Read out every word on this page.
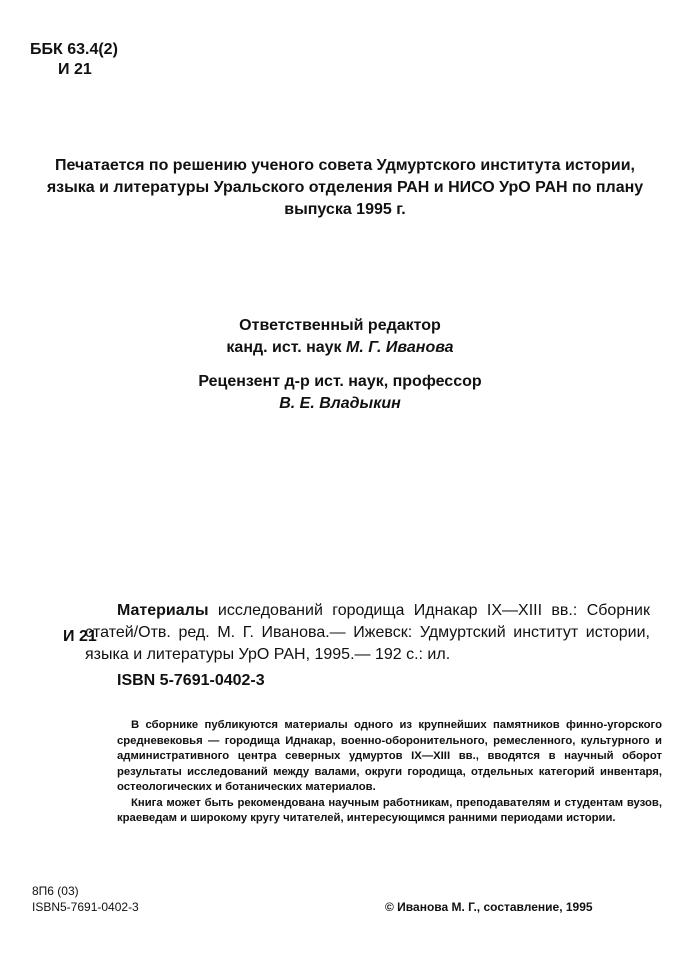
ББК 63.4(2)
И 21
Печатается по решению ученого совета Удмуртского института истории, языка и литературы Уральского отделения РАН и НИСО УрО РАН по плану выпуска 1995 г.
Ответственный редактор
канд. ист. наук М. Г. Иванова
Рецензент д-р ист. наук, профессор
В. Е. Владыкин
И 21

Материалы исследований городища Иднакар IX—XIII вв.: Сборник статей/Отв. ред. М. Г. Иванова.— Ижевск: Удмуртский институт истории, языка и литературы УрО РАН, 1995.— 192 с.: ил.

ISBN 5-7691-0402-3

В сборнике публикуются материалы одного из крупнейших памятников финно-угорского средневековья — городища Иднакар, военно-оборонительного, ремесленного, культурного и административного центра северных удмуртов IX—XIII вв., вводятся в научный оборот результаты исследований между валами, округи городища, отдельных категорий инвентаря, остеологических и ботанических материалов.

Книга может быть рекомендована научным работникам, преподавателям и студентам вузов, краеведам и широкому кругу читателей, интересующимся ранними периодами истории.

8П6 (03)
ISBN5-7691-0402-3	© Иванова М. Г., составление, 1995
